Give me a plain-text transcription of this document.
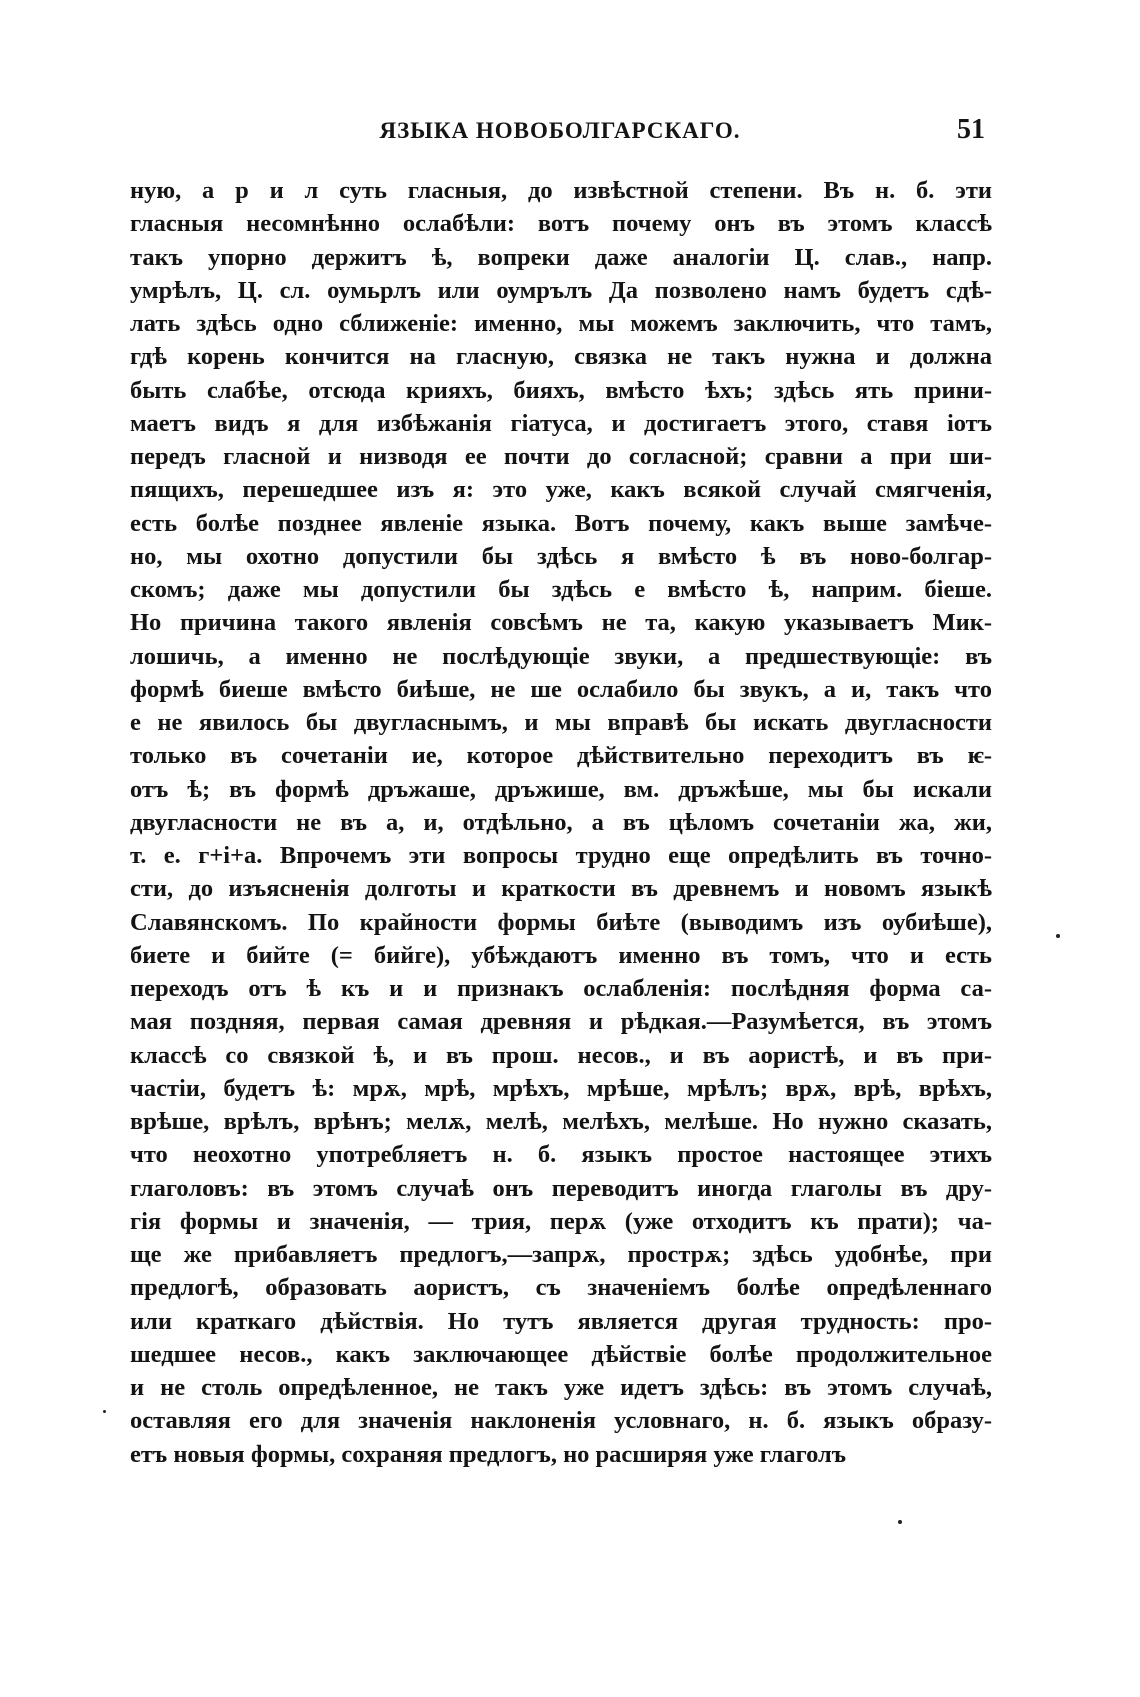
ЯЗЫКА НОВОБОЛГАРСКАГО.	51
ную, а р и л суть гласныя, до извѣстной степени. Въ н. б. эти
гласныя несомнѣнно ослабѣли: вотъ почему онъ въ этомъ классѣ
такъ упорно держитъ ѣ, вопреки даже аналогіи Ц. слав., напр.
умрѣлъ, Ц. сл. оумьрлъ или оумрълъ Да позволено намъ будетъ сдѣ-
лать здѣсь одно сближеніе: именно, мы можемъ заключить, что тамъ,
гдѣ корень кончится на гласную, связка не такъ нужна и должна
быть слабѣе, отсюда крияхъ, бияхъ, вмѣсто ѣхъ; здѣсь ять прини-
маетъ видъ я для избѣжанія гіатуса, и достигаетъ этого, ставя іотъ
передъ гласной и низводя ее почти до согласной; сравни а при ши-
пящихъ, перешедшее изъ я: это уже, какъ всякой случай смягченія,
есть болѣе позднее явленіе языка. Вотъ почему, какъ выше замѣче-
но, мы охотно допустили бы здѣсь я вмѣсто ѣ въ ново-болгар-
скомъ; даже мы допустили бы здѣсь е вмѣсто ѣ, наприм. бieше.
Но причина такого явленія совсѣмъ не та, какую указываетъ Мик-
лошичь, а именно не послѣдующіе звуки, а предшествующіе: въ
формѣ биеше вмѣсто биѣше, не ше ослабило бы звукъ, а и, такъ что
е не явилось бы двугласнымъ, и мы вправѣ бы искать двугласности
только въ сочетаніи ие, которое дѣйствительно переходитъ въ ѥ-
отъ ѣ; въ формѣ дръжаше, дръжише, вм. дръжѣше, мы бы искали
двугласности не въ а, и, отдѣльно, а въ цѣломъ сочетаніи жа, жи,
т. е. г+і+а. Впрочемъ эти вопросы трудно еще опредѣлить въ точно-
сти, до изъясненія долготы и краткости въ древнемъ и новомъ языкѣ
Славянскомъ. По крайности формы биѣте (выводимъ изъ оубиѣше),
биете и бийте (= бийге), убѣждаютъ именно въ томъ, что и есть
переходъ отъ ѣ къ и и признакъ ослабленія: послѣдняя форма са-
мая поздняя, первая самая древняя и рѣдкая.—Разумѣется, въ этомъ
классѣ со связкой ѣ, и въ прош. несов., и въ аористѣ, и въ при-
частіи, будетъ ѣ: мрѫ, мрѣ, мрѣхъ, мрѣше, мрѣлъ; врѫ, врѣ, врѣхъ,
врѣше, врѣлъ, врѣнъ; мелѫ, мелѣ, мелѣхъ, мелѣше. Но нужно сказать,
что неохотно употребляетъ н. б. языкъ простое настоящее этихъ
глаголовъ: въ этомъ случаѣ онъ переводитъ иногда глаголы въ дру-
гія формы и значенія, — трия, перѫ (уже отходитъ къ прати); ча-
ще же прибавляетъ предлогъ,—запрѫ, прострѫ; здѣсь удобнѣе, при
предлогѣ, образовать аористъ, съ значеніемъ болѣе опредѣленнаго
или краткаго дѣйствія. Но тутъ является другая трудность: про-
шедшее несов., какъ заключающее дѣйствіе болѣе продолжительное
и не столь опредѣленное, не такъ уже идетъ здѣсь: въ этомъ случаѣ,
оставляя его для значенія наклоненія условнаго, н. б. языкъ образу-
етъ новыя формы, сохраняя предлогъ, но расширяя уже глаголъ
